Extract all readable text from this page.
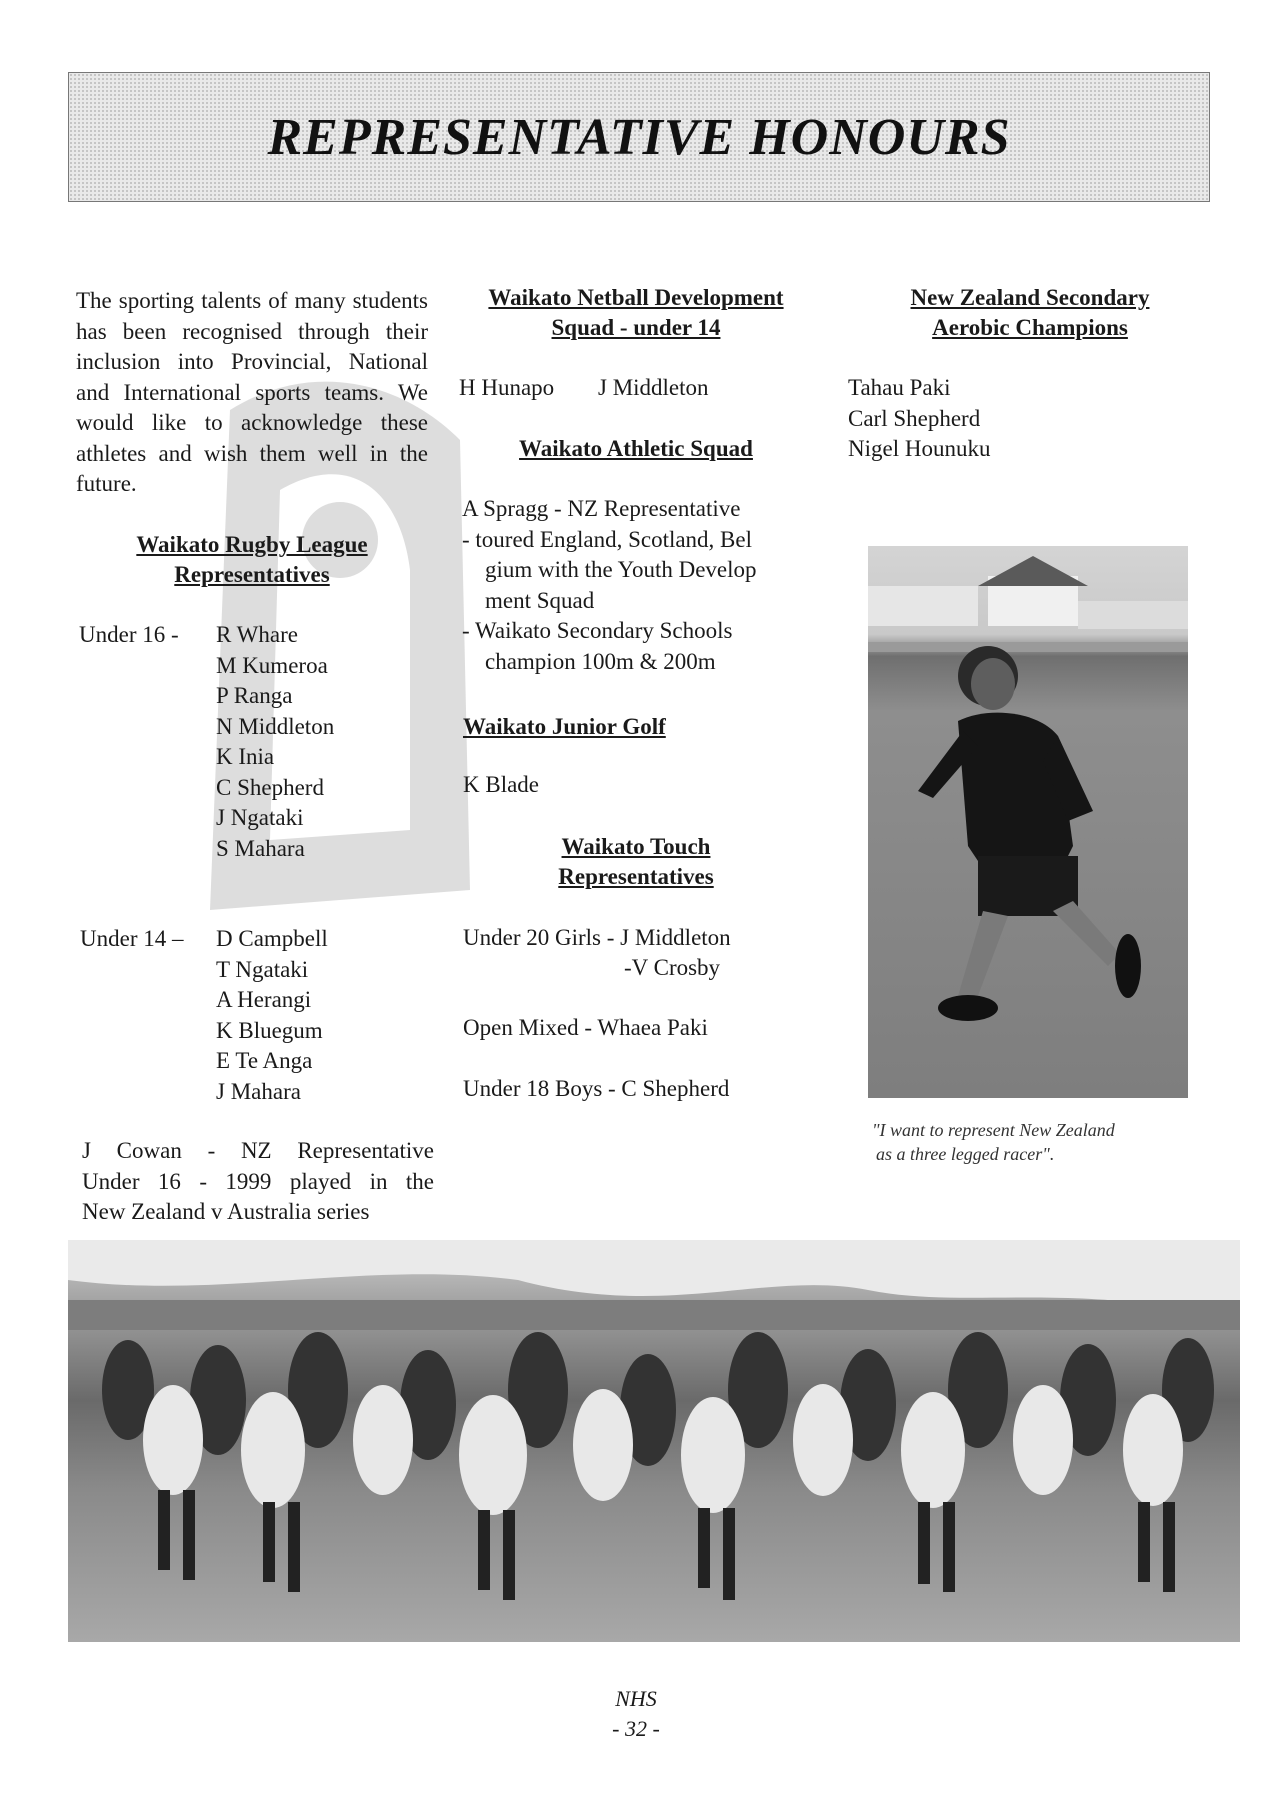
REPRESENTATIVE HONOURS
The sporting talents of many students has been recognised through their inclusion into Provincial, National and International sports teams. We would like to acknowledge these athletes and wish them well in the future.
Waikato Rugby League
Representatives
Under 16 - R Whare
M Kumeroa
P Ranga
N Middleton
K Inia
C Shepherd
J Ngataki
S Mahara
Under 14 – D Campbell
T Ngataki
A Herangi
K Bluegum
E Te Anga
J Mahara
J Cowan - NZ Representative
Under 16 - 1999 played in the
New Zealand v Australia series
Waikato Netball Development
Squad - under 14
H Hunapo J Middleton
Waikato Athletic Squad
A Spragg - NZ Representative
- toured England, Scotland, Bel
gium with the Youth Develop
ment Squad
- Waikato Secondary Schools
champion 100m & 200m
Waikato Junior Golf
K Blade
Waikato Touch
Representatives
Under 20 Girls - J Middleton
-V Crosby
Open Mixed - Whaea Paki
Under 18 Boys - C Shepherd
New Zealand Secondary
Aerobic Champions
Tahau Paki
Carl Shepherd
Nigel Hounuku
"I want to represent New Zealand
as a three legged racer".
NHS
- 32 -
